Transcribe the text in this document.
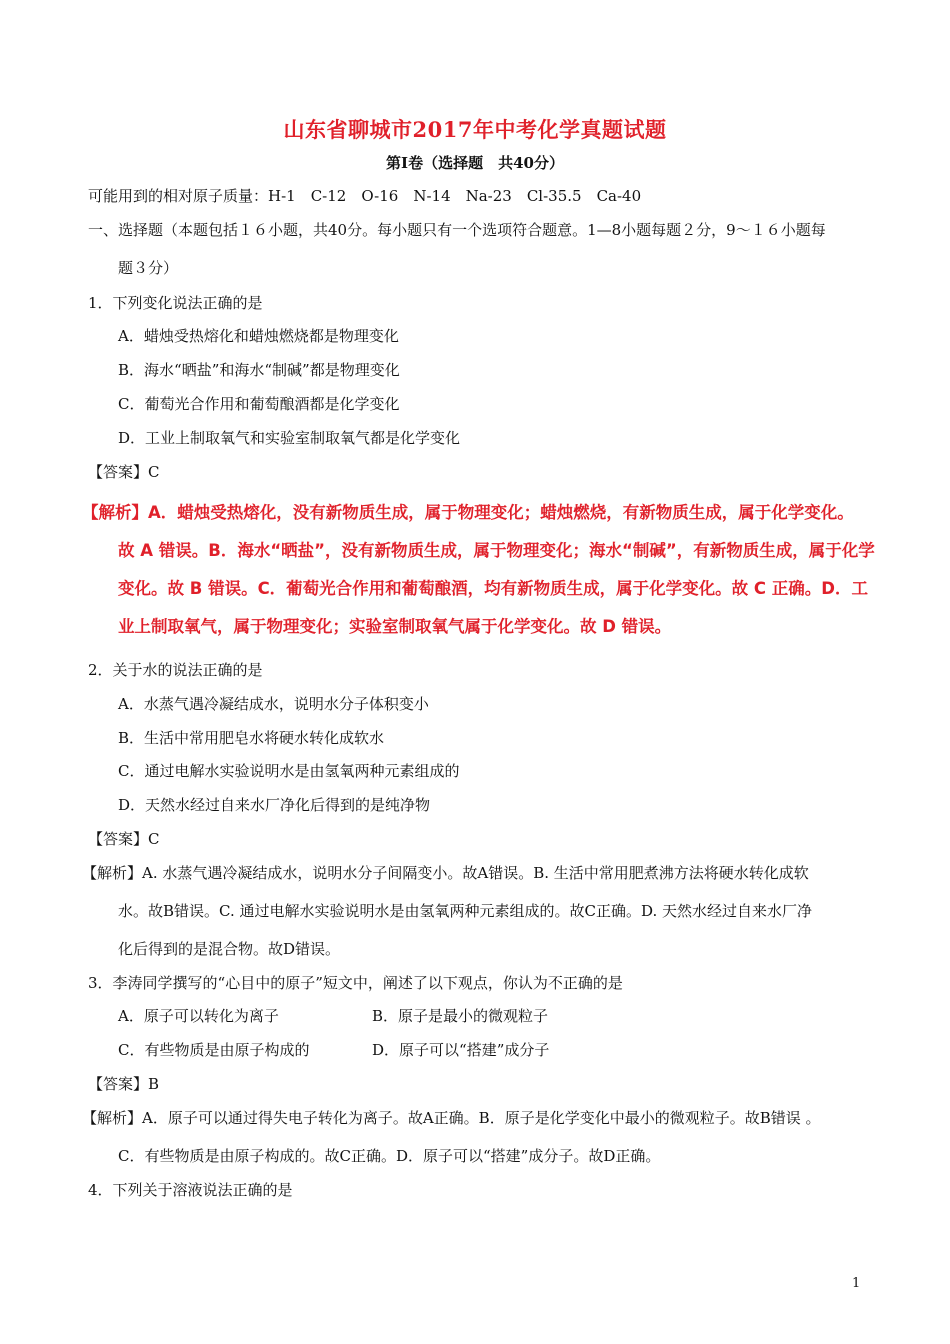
山东省聊城市2017年中考化学真题试题
第Ⅰ卷（选择题　共40分）
可能用到的相对原子质量：H-1　C-12　O-16　N-14　Na-23　Cl-35.5　Ca-40
一、选择题（本题包括１６小题，共40分。每小题只有一个选项符合题意。1—8小题每题２分，9～１６小题每
题３分）
1．下列变化说法正确的是
A．蜡烛受热熔化和蜡烛燃烧都是物理变化
B．海水“晒盐”和海水“制碱”都是物理变化
C．葡萄光合作用和葡萄酿酒都是化学变化
D．工业上制取氧气和实验室制取氧气都是化学变化
【答案】C
【解析】A．蜡烛受热熔化，没有新物质生成，属于物理变化；蜡烛燃烧，有新物质生成，属于化学变化。
故 A 错误。B．海水“晒盐”，没有新物质生成，属于物理变化；海水“制碱”，有新物质生成，属于化学
变化。故 B 错误。C．葡萄光合作用和葡萄酿酒，均有新物质生成，属于化学变化。故 C 正确。D．工
业上制取氧气，属于物理变化；实验室制取氧气属于化学变化。故 D 错误。
2．关于水的说法正确的是
A．水蒸气遇冷凝结成水，说明水分子体积变小
B．生活中常用肥皂水将硬水转化成软水
C．通过电解水实验说明水是由氢氧两种元素组成的
D．天然水经过自来水厂净化后得到的是纯净物
【答案】C
【解析】A. 水蒸气遇冷凝结成水，说明水分子间隔变小。故A错误。B. 生活中常用肥煮沸方法将硬水转化成软
水。故B错误。C. 通过电解水实验说明水是由氢氧两种元素组成的。故C正确。D. 天然水经过自来水厂净
化后得到的是混合物。故D错误。
3．李涛同学撰写的“心目中的原子”短文中，阐述了以下观点，你认为不正确的是
A．原子可以转化为离子	B．原子是最小的微观粒子
C．有些物质是由原子构成的	D．原子可以“搭建”成分子
【答案】B
【解析】A．原子可以通过得失电子转化为离子。故A正确。B．原子是化学变化中最小的微观粒子。故B错误 。
C．有些物质是由原子构成的。故C正确。D．原子可以“搭建”成分子。故D正确。
4．下列关于溶液说法正确的是
1
